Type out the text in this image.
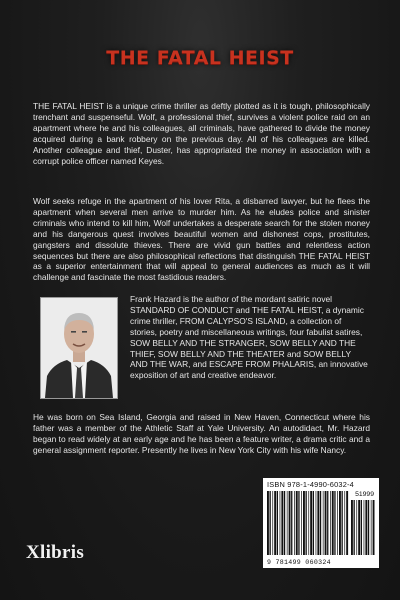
THE FATAL HEIST

THE FATAL HEIST is a unique crime thriller as deftly plotted as it is tough, philosophically trenchant and suspenseful. Wolf, a professional thief, survives a violent police raid on an apartment where he and his colleagues, all criminals, have gathered to divide the money acquired during a bank robbery on the previous day. All of his colleagues are killed. Another colleague and thief, Duster, has appropriated the money in association with a corrupt police officer named Keyes.

Wolf seeks refuge in the apartment of his lover Rita, a disbarred lawyer, but he flees the apartment when several men arrive to murder him. As he eludes police and sinister criminals who intend to kill him, Wolf undertakes a desperate search for the stolen money and his dangerous quest involves beautiful women and dishonest cops, prostitutes, gangsters and dissolute thieves. There are vivid gun battles and relentless action sequences but there are also philosophical reflections that distinguish THE FATAL HEIST as a superior entertainment that will appeal to general audiences as much as it will challenge and fascinate the most fastidious readers.

Frank Hazard is the author of the mordant satiric novel STANDARD OF CONDUCT and THE FATAL HEIST, a dynamic crime thriller, FROM CALYPSO'S ISLAND, a collection of stories, poetry and miscellaneous writings, four fabulist satires, SOW BELLY AND THE STRANGER, SOW BELLY AND THE THIEF, SOW BELLY AND THE THEATER and SOW BELLY AND THE WAR, and ESCAPE FROM PHALARIS, an innovative exposition of art and creative endeavor.

He was born on Sea Island, Georgia and raised in New Haven, Connecticut where his father was a member of the Athletic Staff at Yale University. An autodidact, Mr. Hazard began to read widely at an early age and he has been a feature writer, a drama critic and a general assignment reporter. Presently he lives in New York City with his wife Nancy.

ISBN 978-1-4990-6032-4
51999
9 781499 060324
Xlibris
